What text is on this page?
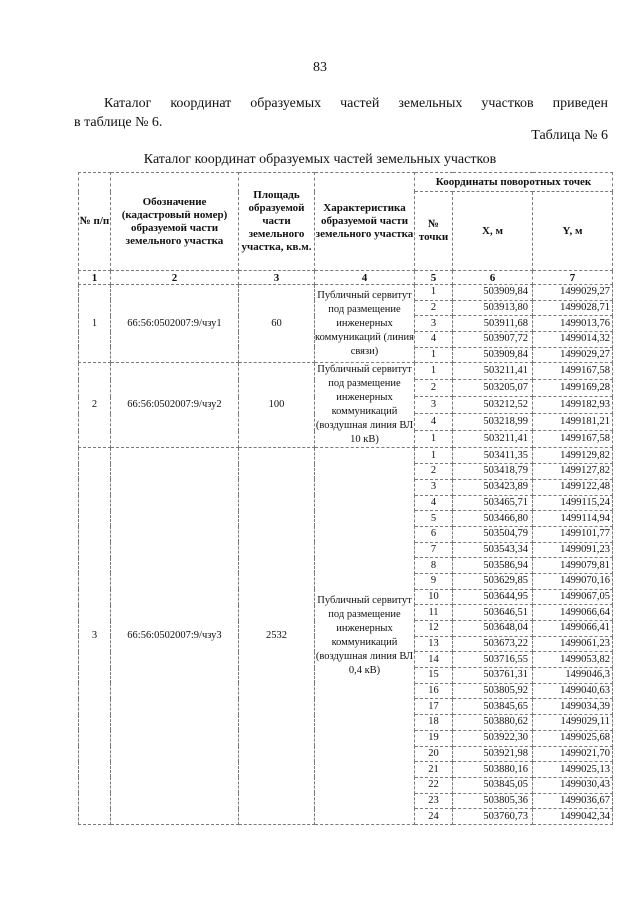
83
Каталог координат образуемых частей земельных участков приведен
в таблице № 6.
Таблица № 6
Каталог координат образуемых частей земельных участков
№ п/п	Обозначение (кадастровый номер) образуемой части земельного участка	Площадь образуемой части земельного участка, кв.м.	Характеристика образуемой части земельного участка	Координаты поворотных точек		
				№ точки	X, м	Y, м
1	2	3	4	5	6	7
1	66:56:0502007:9/чзу1	60	Публичный сервитут под размещение инженерных коммуникаций (линия связи)	1	503909,84	1499029,27
				2	503913,80	1499028,71
				3	503911,68	1499013,76
				4	503907,72	1499014,32
				1	503909,84	1499029,27
2	66:56:0502007:9/чзу2	100	Публичный сервитут под размещение инженерных коммуникаций (воздушная линия ВЛ 10 кВ)	1	503211,41	1499167,58
				2	503205,07	1499169,28
				3	503212,52	1499182,93
				4	503218,99	1499181,21
				1	503211,41	1499167,58
3	66:56:0502007:9/чзу3	2532	Публичный сервитут под размещение инженерных коммуникаций (воздушная линия ВЛ 0,4 кВ)	1	503411,35	1499129,82
				2	503418,79	1499127,82
				3	503423,89	1499122,48
				4	503465,71	1499115,24
				5	503466,80	1499114,94
				6	503504,79	1499101,77
				7	503543,34	1499091,23
				8	503586,94	1499079,81
				9	503629,85	1499070,16
				10	503644,95	1499067,05
				11	503646,51	1499066,64
				12	503648,04	1499066,41
				13	503673,22	1499061,23
				14	503716,55	1499053,82
				15	503761,31	1499046,3
				16	503805,92	1499040,63
				17	503845,65	1499034,39
				18	503880,62	1499029,11
				19	503922,30	1499025,68
				20	503921,98	1499021,70
				21	503880,16	1499025,13
				22	503845,05	1499030,43
				23	503805,36	1499036,67
				24	503760,73	1499042,34
